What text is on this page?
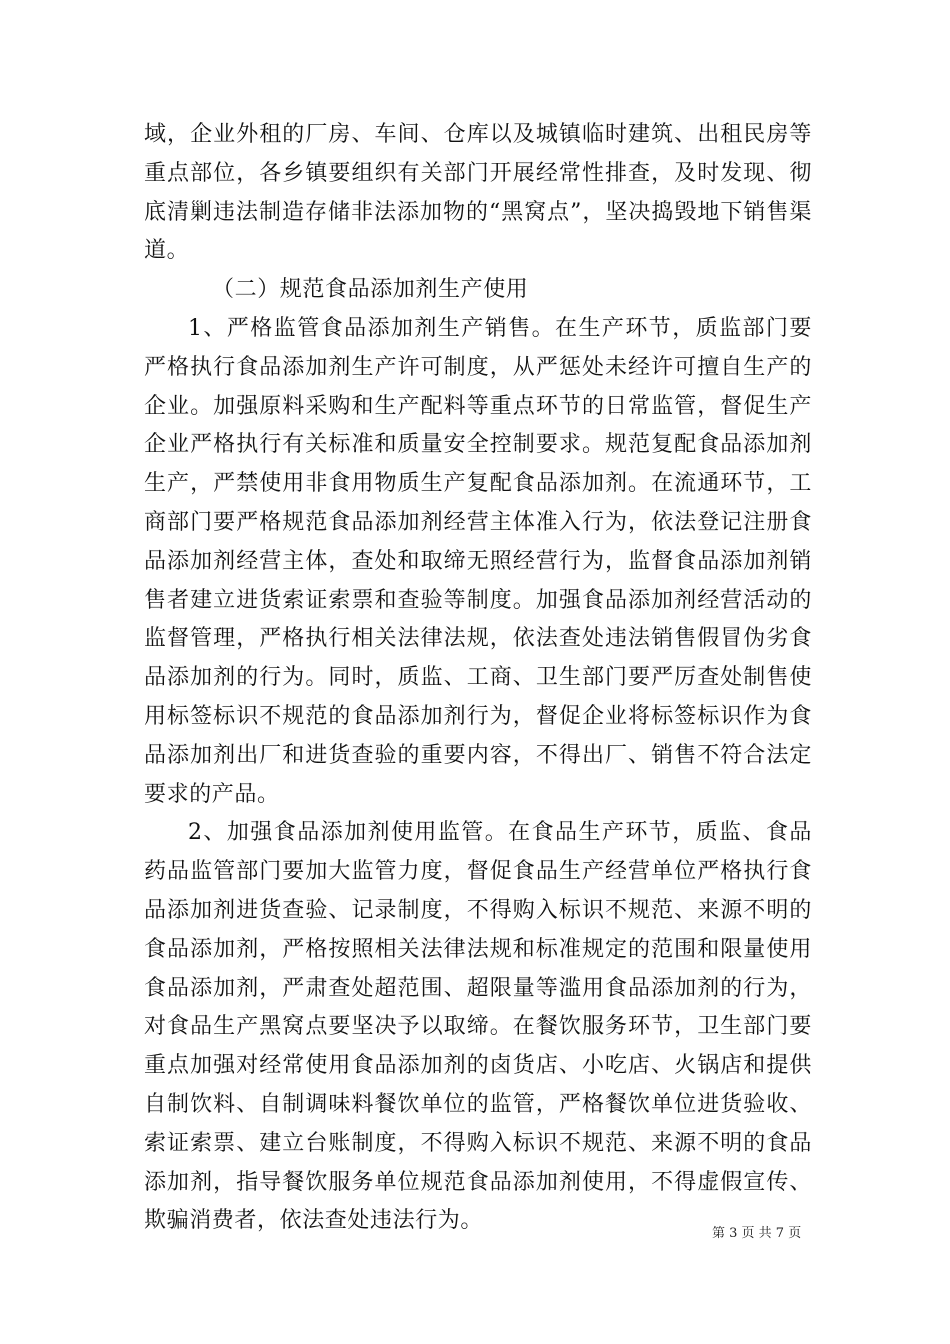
域，企业外租的厂房、车间、仓库以及城镇临时建筑、出租民房等重点部位，各乡镇要组织有关部门开展经常性排查，及时发现、彻底清剿违法制造存储非法添加物的“黑窝点”，坚决捣毁地下销售渠道。

（二）规范食品添加剂生产使用

1、严格监管食品添加剂生产销售。在生产环节，质监部门要严格执行食品添加剂生产许可制度，从严惩处未经许可擅自生产的企业。加强原料采购和生产配料等重点环节的日常监管，督促生产企业严格执行有关标准和质量安全控制要求。规范复配食品添加剂生产，严禁使用非食用物质生产复配食品添加剂。在流通环节，工商部门要严格规范食品添加剂经营主体准入行为，依法登记注册食品添加剂经营主体，查处和取缔无照经营行为，监督食品添加剂销售者建立进货索证索票和查验等制度。加强食品添加剂经营活动的监督管理，严格执行相关法律法规，依法查处违法销售假冒伪劣食品添加剂的行为。同时，质监、工商、卫生部门要严厉查处制售使用标签标识不规范的食品添加剂行为，督促企业将标签标识作为食品添加剂出厂和进货查验的重要内容，不得出厂、销售不符合法定要求的产品。

2、加强食品添加剂使用监管。在食品生产环节，质监、食品药品监管部门要加大监管力度，督促食品生产经营单位严格执行食品添加剂进货查验、记录制度，不得购入标识不规范、来源不明的食品添加剂，严格按照相关法律法规和标准规定的范围和限量使用食品添加剂，严肃查处超范围、超限量等滥用食品添加剂的行为，对食品生产黑窝点要坚决予以取缔。在餐饮服务环节，卫生部门要重点加强对经常使用食品添加剂的卤货店、小吃店、火锅店和提供自制饮料、自制调味料餐饮单位的监管，严格餐饮单位进货验收、索证索票、建立台账制度，不得购入标识不规范、来源不明的食品添加剂，指导餐饮服务单位规范食品添加剂使用，不得虚假宣传、欺骗消费者，依法查处违法行为。

第 3 页 共 7 页
